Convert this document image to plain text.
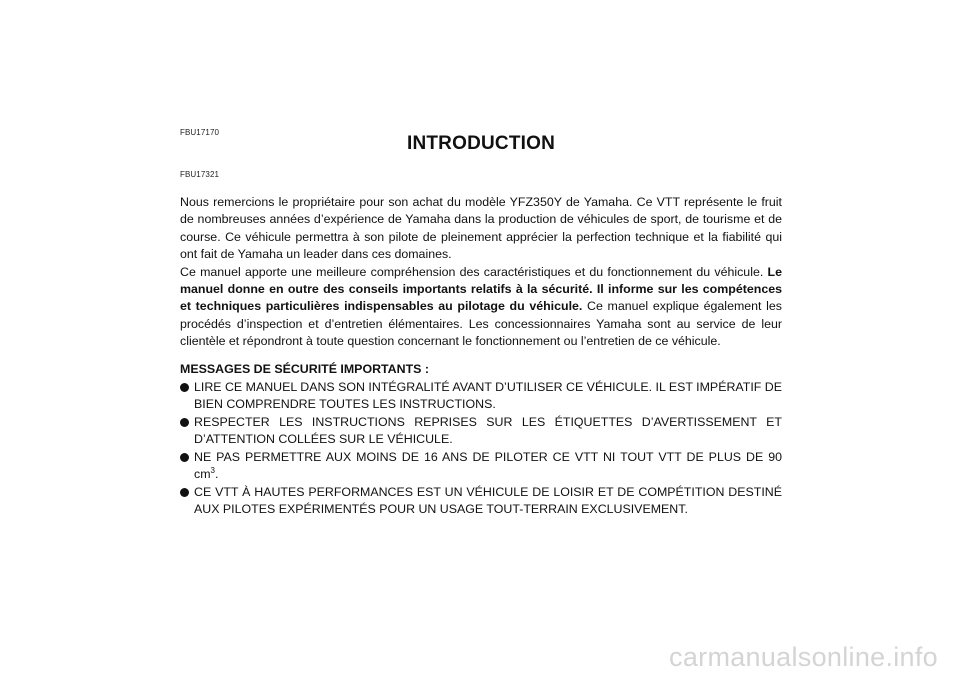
FBU17170
INTRODUCTION
FBU17321

Nous remercions le propriétaire pour son achat du modèle YFZ350Y de Yamaha. Ce VTT représente le fruit de nombreuses années d’expérience de Yamaha dans la production de véhicules de sport, de tourisme et de course. Ce véhicule permettra à son pilote de pleinement apprécier la perfection technique et la fiabilité qui ont fait de Yamaha un leader dans ces domaines.

Ce manuel apporte une meilleure compréhension des caractéristiques et du fonctionnement du véhicule. Le manuel donne en outre des conseils importants relatifs à la sécurité. Il informe sur les compétences et techniques particulières indispensables au pilotage du véhicule. Ce manuel explique également les procédés d’inspection et d’entretien élémentaires. Les concessionnaires Yamaha sont au service de leur clientèle et répondront à toute question concernant le fonctionnement ou l’entretien de ce véhicule.

MESSAGES DE SÉCURITÉ IMPORTANTS :
LIRE CE MANUEL DANS SON INTÉGRALITÉ AVANT D’UTILISER CE VÉHICULE. IL EST IMPÉRATIF DE BIEN COMPRENDRE TOUTES LES INSTRUCTIONS.
RESPECTER LES INSTRUCTIONS REPRISES SUR LES ÉTIQUETTES D’AVERTISSEMENT ET D’ATTENTION COLLÉES SUR LE VÉHICULE.
NE PAS PERMETTRE AUX MOINS DE 16 ANS DE PILOTER CE VTT NI TOUT VTT DE PLUS DE 90 $cm^3$.
CE VTT À HAUTES PERFORMANCES EST UN VÉHICULE DE LOISIR ET DE COMPÉTITION DESTINÉ AUX PILOTES EXPÉRIMENTÉS POUR UN USAGE TOUT-TERRAIN EXCLUSIVEMENT.
carmanualsonline.info
